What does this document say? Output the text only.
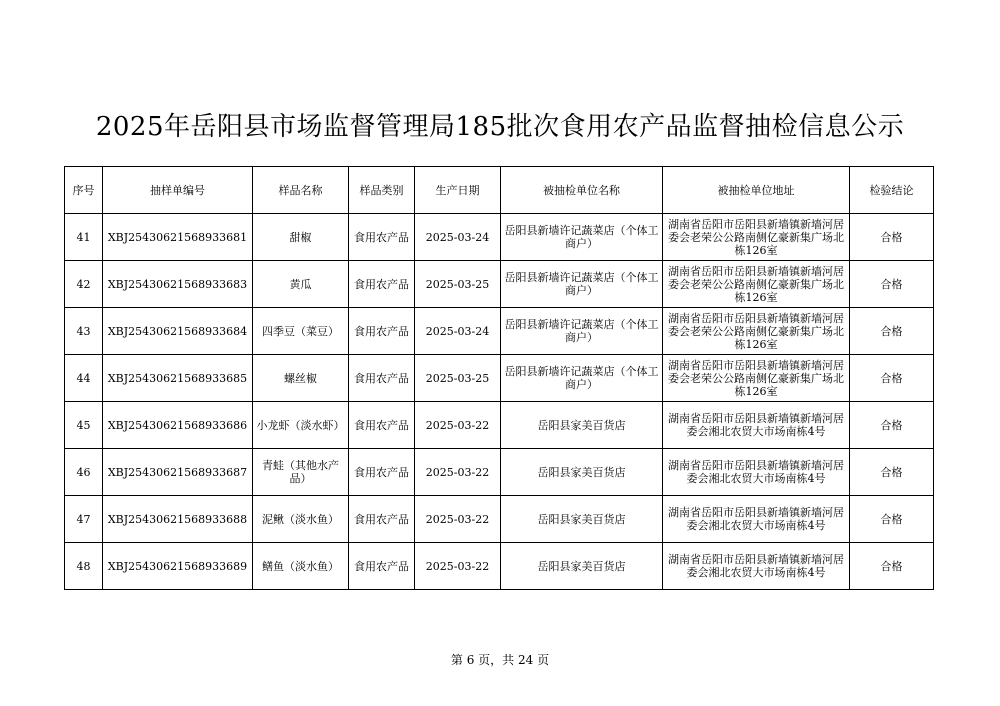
2025年岳阳县市场监督管理局185批次食用农产品监督抽检信息公示
序号	抽样单编号	样品名称	样品类别	生产日期	被抽检单位名称	被抽检单位地址	检验结论
41	XBJ25430621568933681	甜椒	食用农产品	2025-03-24	岳阳县新墙许记蔬菜店（个体工商户）	湖南省岳阳市岳阳县新墙镇新墙河居委会老荣公公路南侧亿豪新集广场北栋126室	合格
42	XBJ25430621568933683	黄瓜	食用农产品	2025-03-25	岳阳县新墙许记蔬菜店（个体工商户）	湖南省岳阳市岳阳县新墙镇新墙河居委会老荣公公路南侧亿豪新集广场北栋126室	合格
43	XBJ25430621568933684	四季豆（菜豆）	食用农产品	2025-03-24	岳阳县新墙许记蔬菜店（个体工商户）	湖南省岳阳市岳阳县新墙镇新墙河居委会老荣公公路南侧亿豪新集广场北栋126室	合格
44	XBJ25430621568933685	螺丝椒	食用农产品	2025-03-25	岳阳县新墙许记蔬菜店（个体工商户）	湖南省岳阳市岳阳县新墙镇新墙河居委会老荣公公路南侧亿豪新集广场北栋126室	合格
45	XBJ25430621568933686	小龙虾（淡水虾）	食用农产品	2025-03-22	岳阳县家美百货店	湖南省岳阳市岳阳县新墙镇新墙河居委会湘北农贸大市场南栋4号	合格
46	XBJ25430621568933687	青蛙（其他水产品）	食用农产品	2025-03-22	岳阳县家美百货店	湖南省岳阳市岳阳县新墙镇新墙河居委会湘北农贸大市场南栋4号	合格
47	XBJ25430621568933688	泥鳅（淡水鱼）	食用农产品	2025-03-22	岳阳县家美百货店	湖南省岳阳市岳阳县新墙镇新墙河居委会湘北农贸大市场南栋4号	合格
48	XBJ25430621568933689	鳝鱼（淡水鱼）	食用农产品	2025-03-22	岳阳县家美百货店	湖南省岳阳市岳阳县新墙镇新墙河居委会湘北农贸大市场南栋4号	合格
第 6 页，共 24 页
